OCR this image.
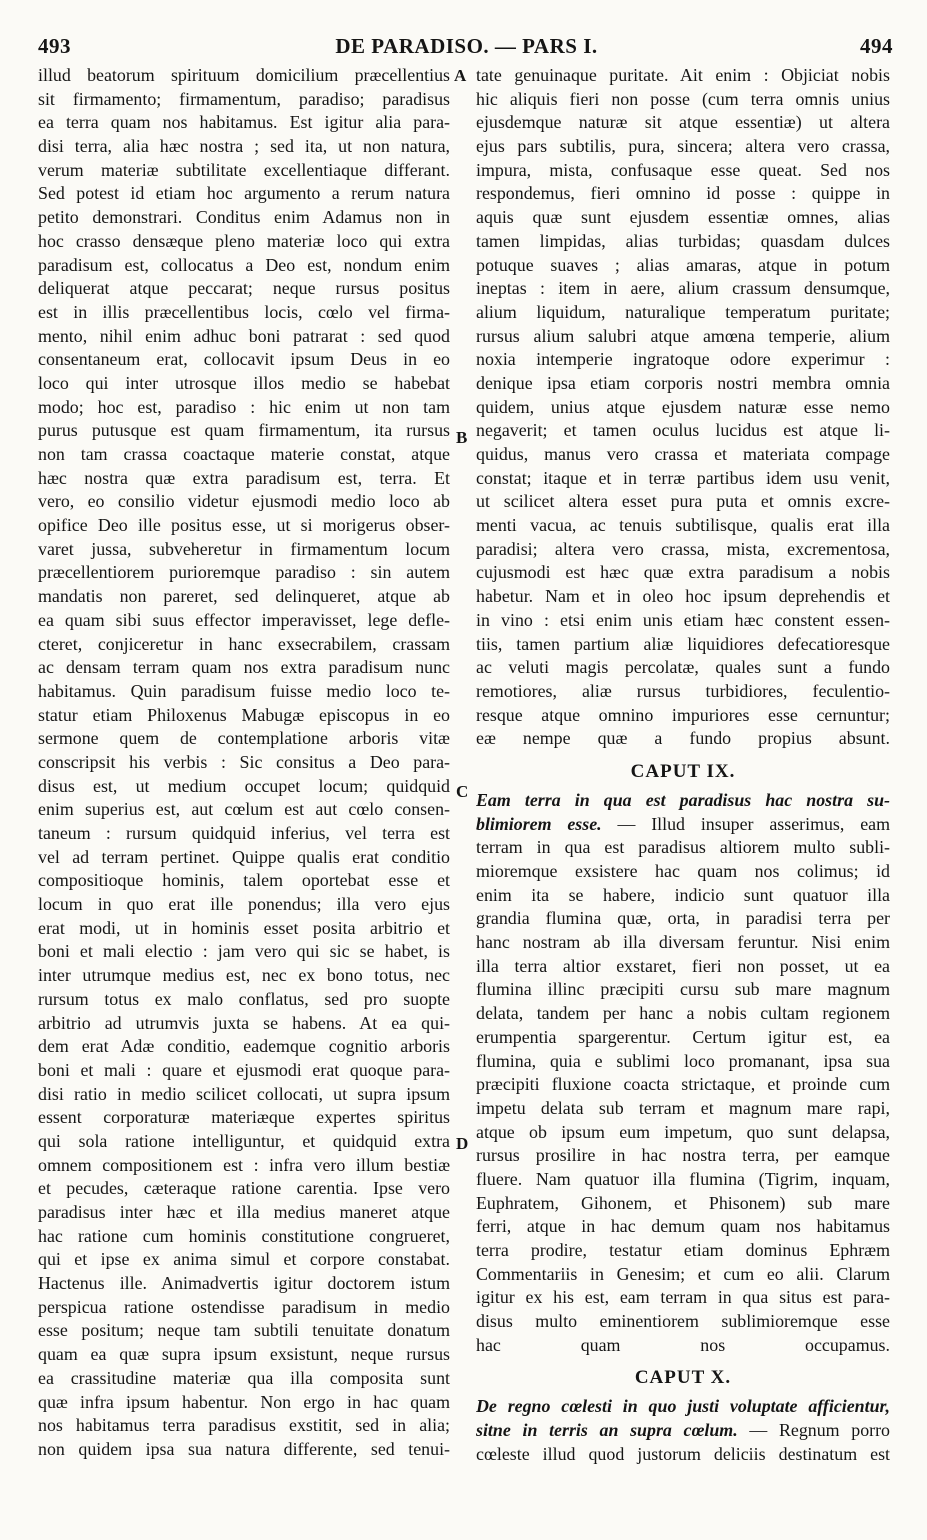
493	DE PARADISO. — PARS I.	494
A
B
C
D
illud beatorum spirituum domicilium præcellentius
sit firmamento; firmamentum, paradiso; paradisus
ea terra quam nos habitamus. Est igitur alia para-
disi terra, alia hæc nostra ; sed ita, ut non natura,
verum materiæ subtilitate excellentiaque differant.
Sed potest id etiam hoc argumento a rerum natura
petito demonstrari. Conditus enim Adamus non in
hoc crasso densæque pleno materiæ loco qui extra
paradisum est, collocatus a Deo est, nondum enim
deliquerat atque peccarat; neque rursus positus
est in illis præcellentibus locis, cœlo vel firma-
mento, nihil enim adhuc boni patrarat : sed quod
consentaneum erat, collocavit ipsum Deus in eo
loco qui inter utrosque illos medio se habebat
modo; hoc est, paradiso : hic enim ut non tam
purus putusque est quam firmamentum, ita rursus
non tam crassa coactaque materie constat, atque
hæc nostra quæ extra paradisum est, terra. Et
vero, eo consilio videtur ejusmodi medio loco ab
opifice Deo ille positus esse, ut si morigerus obser-
varet jussa, subveheretur in firmamentum locum
præcellentiorem purioremque paradiso : sin autem
mandatis non pareret, sed delinqueret, atque ab
ea quam sibi suus effector imperavisset, lege defle-
cteret, conjiceretur in hanc exsecrabilem, crassam
ac densam terram quam nos extra paradisum nunc
habitamus. Quin paradisum fuisse medio loco te-
statur etiam Philoxenus Mabugæ episcopus in eo
sermone quem de contemplatione arboris vitæ
conscripsit his verbis : Sic consitus a Deo para-
disus est, ut medium occupet locum; quidquid
enim superius est, aut cœlum est aut cœlo consen-
taneum : rursum quidquid inferius, vel terra est
vel ad terram pertinet. Quippe qualis erat conditio
compositioque hominis, talem oportebat esse et
locum in quo erat ille ponendus; illa vero ejus
erat modi, ut in hominis esset posita arbitrio et
boni et mali electio : jam vero qui sic se habet, is
inter utrumque medius est, nec ex bono totus, nec
rursum totus ex malo conflatus, sed pro suopte
arbitrio ad utrumvis juxta se habens. At ea qui-
dem erat Adæ conditio, eademque cognitio arboris
boni et mali : quare et ejusmodi erat quoque para-
disi ratio in medio scilicet collocati, ut supra ipsum
essent corporaturæ materiæque expertes spiritus
qui sola ratione intelliguntur, et quidquid extra
omnem compositionem est : infra vero illum bestiæ
et pecudes, cæteraque ratione carentia. Ipse vero
paradisus inter hæc et illa medius maneret atque
hac ratione cum hominis constitutione congrueret,
qui et ipse ex anima simul et corpore constabat.
Hactenus ille. Animadvertis igitur doctorem istum
perspicua ratione ostendisse paradisum in medio
esse positum; neque tam subtili tenuitate donatum
quam ea quæ supra ipsum exsistunt, neque rursus
ea crassitudine materiæ qua illa composita sunt
quæ infra ipsum habentur. Non ergo in hac quam
nos habitamus terra paradisus exstitit, sed in alia;
non quidem ipsa sua natura differente, sed tenui-
tate genuinaque puritate. Ait enim : Objiciat nobis
hic aliquis fieri non posse (cum terra omnis unius
ejusdemque naturæ sit atque essentiæ) ut altera
ejus pars subtilis, pura, sincera; altera vero crassa,
impura, mista, confusaque esse queat. Sed nos
respondemus, fieri omnino id posse : quippe in
aquis quæ sunt ejusdem essentiæ omnes, alias
tamen limpidas, alias turbidas; quasdam dulces
potuque suaves ; alias amaras, atque in potum
ineptas : item in aere, alium crassum densumque,
alium liquidum, naturalique temperatum puritate;
rursus alium salubri atque amœna temperie, alium
noxia intemperie ingratoque odore experimur :
denique ipsa etiam corporis nostri membra omnia
quidem, unius atque ejusdem naturæ esse nemo
negaverit; et tamen oculus lucidus est atque li-
quidus, manus vero crassa et materiata compage
constat; itaque et in terræ partibus idem usu venit,
ut scilicet altera esset pura puta et omnis excre-
menti vacua, ac tenuis subtilisque, qualis erat illa
paradisi; altera vero crassa, mista, excrementosa,
cujusmodi est hæc quæ extra paradisum a nobis
habetur. Nam et in oleo hoc ipsum deprehendis et
in vino : etsi enim unis etiam hæc constent essen-
tiis, tamen partium aliæ liquidiores defecatioresque
ac veluti magis percolatæ, quales sunt a fundo
remotiores, aliæ rursus turbidiores, feculentio-
resque atque omnino impuriores esse cernuntur;
eæ nempe quæ a fundo propius absunt.
CAPUT IX.
Eam terra in qua est paradisus hac nostra su-
blimiorem esse. — Illud insuper asserimus, eam
terram in qua est paradisus altiorem multo subli-
mioremque exsistere hac quam nos colimus; id
enim ita se habere, indicio sunt quatuor illa
grandia flumina quæ, orta, in paradisi terra per
hanc nostram ab illa diversam feruntur. Nisi enim
illa terra altior exstaret, fieri non posset, ut ea
flumina illinc præcipiti cursu sub mare magnum
delata, tandem per hanc a nobis cultam regionem
erumpentia spargerentur. Certum igitur est, ea
flumina, quia e sublimi loco promanant, ipsa sua
præcipiti fluxione coacta strictaque, et proinde cum
impetu delata sub terram et magnum mare rapi,
atque ob ipsum eum impetum, quo sunt delapsa,
rursus prosilire in hac nostra terra, per eamque
fluere. Nam quatuor illa flumina (Tigrim, inquam,
Euphratem, Gihonem, et Phisonem) sub mare
ferri, atque in hac demum quam nos habitamus
terra prodire, testatur etiam dominus Ephræm
Commentariis in Genesim; et cum eo alii. Clarum
igitur ex his est, eam terram in qua situs est para-
disus multo eminentiorem sublimioremque esse
hac quam nos occupamus.
CAPUT X.
De regno cœlesti in quo justi voluptate afficientur,
sitne in terris an supra cœlum. — Regnum porro
cœleste illud quod justorum deliciis destinatum est
